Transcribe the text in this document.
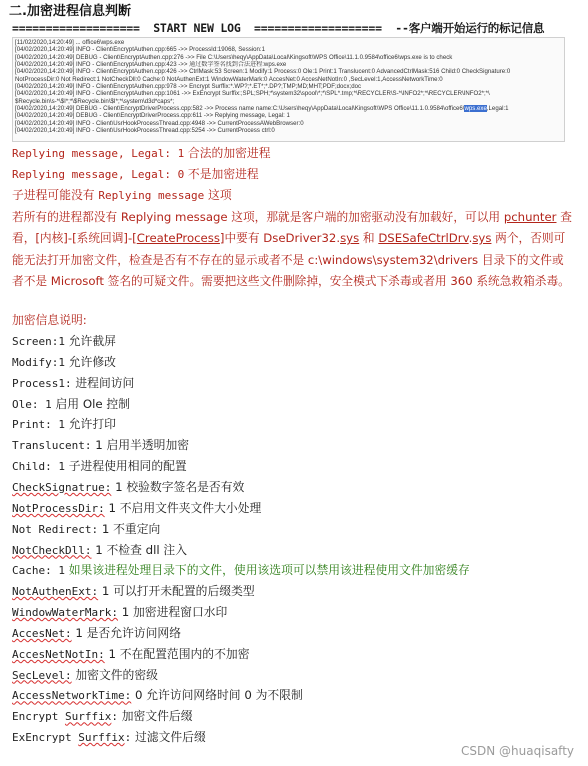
二.加密进程信息判断
===================  START NEW LOG  ===================  --客户端开始运行的标记信息
[11/02/2020,14:20:49] ... office6\wps.exe
[04/02/2020,14:20:49] INFO - Client\EncryptAuthen.cpp:665 ->> ProcessId:19068, Session:1
[04/02/2020,14:20:49] DEBUG - Client\EncryptAuthen.cpp:276 ->> File C:\Users\heqy\AppData\Local\Kingsoft\WPS Office\11.1.0.9584\office6\wps.exe is to check
[04/02/2020,14:20:49] INFO - Client\EncryptAuthen.cpp:423 ->> 通过数字签名找到合法进程:wps.exe
[04/02/2020,14:20:49] INFO - Client\EncryptAuthen.cpp:426 ->> CtrlMask:53 Screen:1 Modify:1 Process:0 Ole:1 Print:1 Translucent:0 AdvancedCtrlMask:516 Child:0 CheckSignature:0
NotProcessDir:0 Not Redirect:1 NotCheckDll:0 Cache:0 NotAuthenExt:1 WindowWaterMark:0 AccesNet:0 AccesNetNotIn:0 ,SecLevel:1,AccessNetworkTime:0
[04/02/2020,14:20:49] INFO - Client\EncryptAuthen.cpp:978 ->> Encrypt Surffix:*.WP?;*.ET*;*.DP?;TMP;MD;MHT;PDF;docx;doc
[04/02/2020,14:20:49] INFO - Client\EncryptAuthen.cpp:1061 ->> ExEncrypt Surffix:;SPL;SPH;*\system32\spool\*;*\SPL*.tmp;*\RECYCLER\S-*\INFO2*;*\RECYCLER\INFO2*;*\
$Recycle.bin\s-*\$I*;*\$Recycle.bin\$I*;*\system\d3d*caps*;
[04/02/2020,14:20:49] DEBUG - Client\EncryptDriverProcess.cpp:582 ->> Process name name:C:\Users\heqy\AppData\Local\Kingsoft\WPS Office\11.1.0.9584\office6\wps.exe,Legal:1
[04/02/2020,14:20:49] DEBUG - Client\EncryptDriverProcess.cpp:611 ->> Replying message, Legal: 1
[04/02/2020,14:20:49] INFO - Client\UsrHookProcessThread.cpp:4948 ->> CurrentProcessAWebBrowser:0
[04/02/2020,14:20:49] INFO - Client\UsrHookProcessThread.cpp:5254 ->> CurrentProcess ctrl:0
Replying message, Legal: 1 合法的加密进程
Replying message, Legal: 0 不是加密进程
子进程可能没有 Replying message 这项
若所有的进程都没有 Replying message 这项，那就是客户端的加密驱动没有加载好，可以用 pchunter 查看，[内核]-[系统回调]-[CreateProcess]中要有 DseDriver32.sys 和 DSESafeCtrlDrv.sys 两个，否则可能无法打开加密文件，检查是否有不存在的显示或者不是 c:\windows\system32\drivers 目录下的文件或者不是 Microsoft 签名的可疑文件。需要把这些文件删除掉，安全模式下杀毒或者用 360 系统急救箱杀毒。
加密信息说明:
Screen:1 允许截屏
Modify:1 允许修改
Process1: 进程间访问
Ole: 1 启用 Ole 控制
Print: 1 允许打印
Translucent: 1 启用半透明加密
Child: 1 子进程使用相同的配置
CheckSignatrue: 1 校验数字签名是否有效
NotProcessDir: 1 不启用文件夹文件大小处理
Not Redirect: 1 不重定向
NotCheckDll: 1 不检查 dll 注入
Cache: 1 如果该进程处理目录下的文件，使用该选项可以禁用该进程使用文件加密缓存
NotAuthenExt: 1 可以打开未配置的后缀类型
WindowWaterMark: 1 加密进程窗口水印
AccesNet: 1 是否允许访问网络
AccesNetNotIn: 1 不在配置范围内的不加密
SecLevel: 加密文件的密级
AccessNetworkTime: 0 允许访问网络时间 0 为不限制
Encrypt Surffix: 加密文件后缀
ExEncrypt Surffix: 过滤文件后缀
CSDN @huaqisafty
